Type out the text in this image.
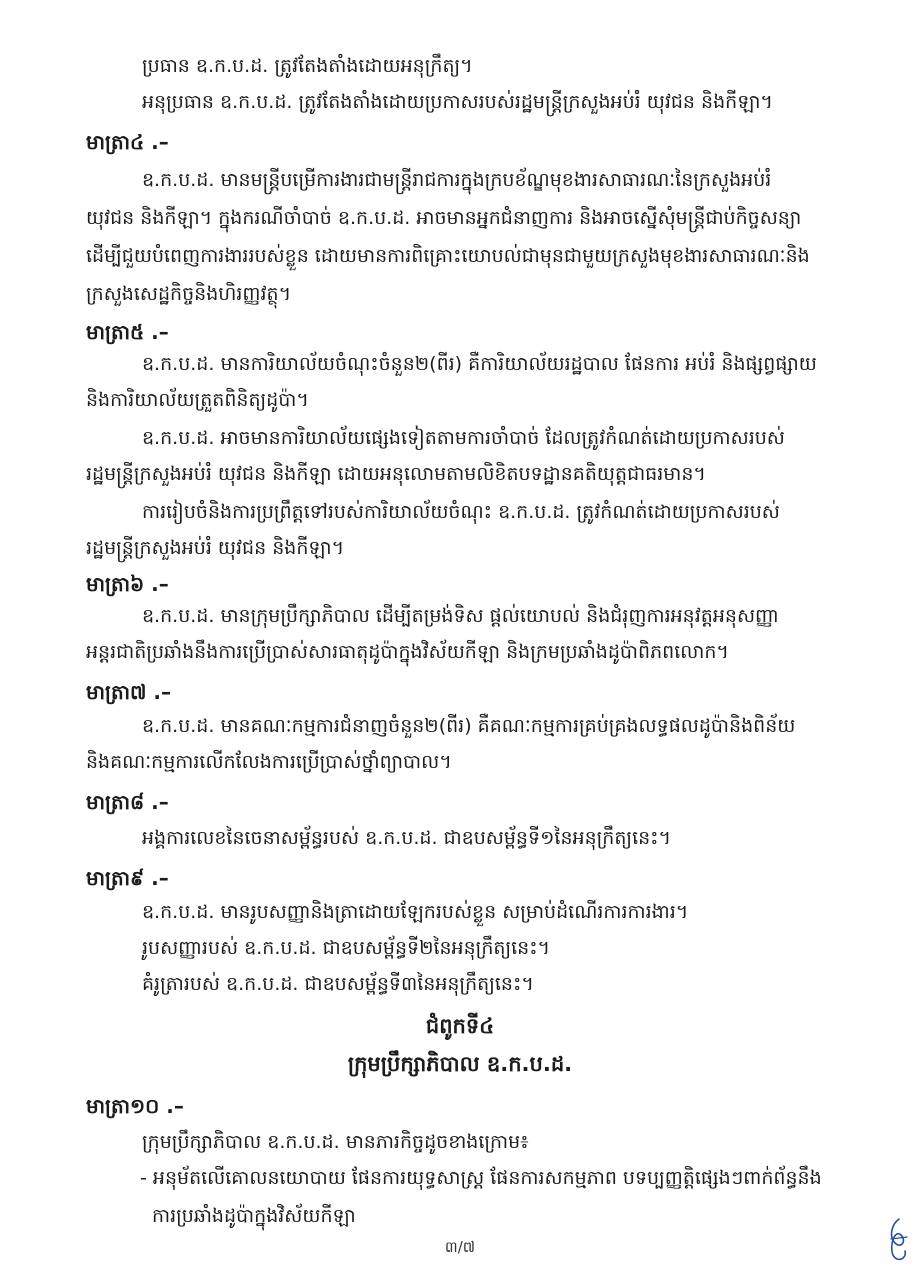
ប្រធាន ឧ.ក.ប.ដ. ត្រូវតែងតាំងដោយអនុក្រឹត្យ។

អនុប្រធាន ឧ.ក.ប.ដ. ត្រូវតែងតាំងដោយប្រកាសរបស់រដ្ឋមន្ត្រីក្រសួងអប់រំ យុវជន និងកីឡា។

មាត្រា៤ .–

ឧ.ក.ប.ដ. មានមន្ត្រីបម្រើការងារជាមន្ត្រីរាជការក្នុងក្របខ័ណ្ឌមុខងារសាធារណៈនៃក្រសួងអប់រំ

យុវជន និងកីឡា។ ក្នុងករណីចាំបាច់ ឧ.ក.ប.ដ. អាចមានអ្នកជំនាញការ និងអាចស្នើសុំមន្ត្រីជាប់កិច្ចសន្យា

ដើម្បីជួយបំពេញការងាររបស់ខ្លួន ដោយមានការពិគ្រោះយោបល់ជាមុនជាមួយក្រសួងមុខងារសាធារណៈនិង

ក្រសួងសេដ្ឋកិច្ចនិងហិរញ្ញវត្ថុ។

មាត្រា៥ .–

ឧ.ក.ប.ដ. មានការិយាល័យចំណុះចំនួន២(ពីរ) គឺការិយាល័យរដ្ឋបាល ផែនការ អប់រំ និងផ្សព្វផ្សាយ

និងការិយាល័យត្រួតពិនិត្យដូប៉ា។

ឧ.ក.ប.ដ. អាចមានការិយាល័យផ្សេងទៀតតាមការចាំបាច់ ដែលត្រូវកំណត់ដោយប្រកាសរបស់

រដ្ឋមន្ត្រីក្រសួងអប់រំ យុវជន និងកីឡា ដោយអនុលោមតាមលិខិតបទដ្ឋានគតិយុត្តជាធរមាន។

ការរៀបចំនិងការប្រព្រឹត្តទៅរបស់ការិយាល័យចំណុះ ឧ.ក.ប.ដ. ត្រូវកំណត់ដោយប្រកាសរបស់

រដ្ឋមន្ត្រីក្រសួងអប់រំ យុវជន និងកីឡា។

មាត្រា៦ .–

ឧ.ក.ប.ដ. មានក្រុមប្រឹក្សាភិបាល ដើម្បីតម្រង់ទិស ផ្តល់យោបល់ និងជំរុញការអនុវត្តអនុសញ្ញា

អន្តរជាតិប្រឆាំងនឹងការប្រើប្រាស់សារធាតុដូប៉ាក្នុងវិស័យកីឡា និងក្រមប្រឆាំងដូប៉ាពិភពលោក។

មាត្រា៧ .–

ឧ.ក.ប.ដ. មានគណៈកម្មការជំនាញចំនួន២(ពីរ) គឺគណៈកម្មការគ្រប់គ្រងលទ្ធផលដូប៉ានិងពិន័យ

និងគណៈកម្មការលើកលែងការប្រើប្រាស់ថ្នាំព្យាបាល។

មាត្រា៨ .–

អង្គការលេខនៃចេនាសម្ព័ន្ធរបស់ ឧ.ក.ប.ដ. ជាឧបសម្ព័ន្ធទី១នៃអនុក្រឹត្យនេះ។

មាត្រា៩ .–

ឧ.ក.ប.ដ. មានរូបសញ្ញានិងត្រាដោយឡែករបស់ខ្លួន សម្រាប់ដំណើរការការងារ។

រូបសញ្ញារបស់ ឧ.ក.ប.ដ. ជាឧបសម្ព័ន្ធទី២នៃអនុក្រឹត្យនេះ។

គំរូត្រារបស់ ឧ.ក.ប.ដ. ជាឧបសម្ព័ន្ធទី៣នៃអនុក្រឹត្យនេះ។

ជំពូកទី៤

ក្រុមប្រឹក្សាភិបាល ឧ.ក.ប.ដ.

មាត្រា១០ .–

ក្រុមប្រឹក្សាភិបាល ឧ.ក.ប.ដ. មានភារកិច្ចដូចខាងក្រោម៖

- អនុម័តលើគោលនយោបាយ ផែនការយុទ្ធសាស្ត្រ ផែនការសកម្មភាព បទប្បញ្ញត្តិផ្សេងៗពាក់ព័ន្ធនឹង

ការប្រឆាំងដូប៉ាក្នុងវិស័យកីឡា

៣/៧
